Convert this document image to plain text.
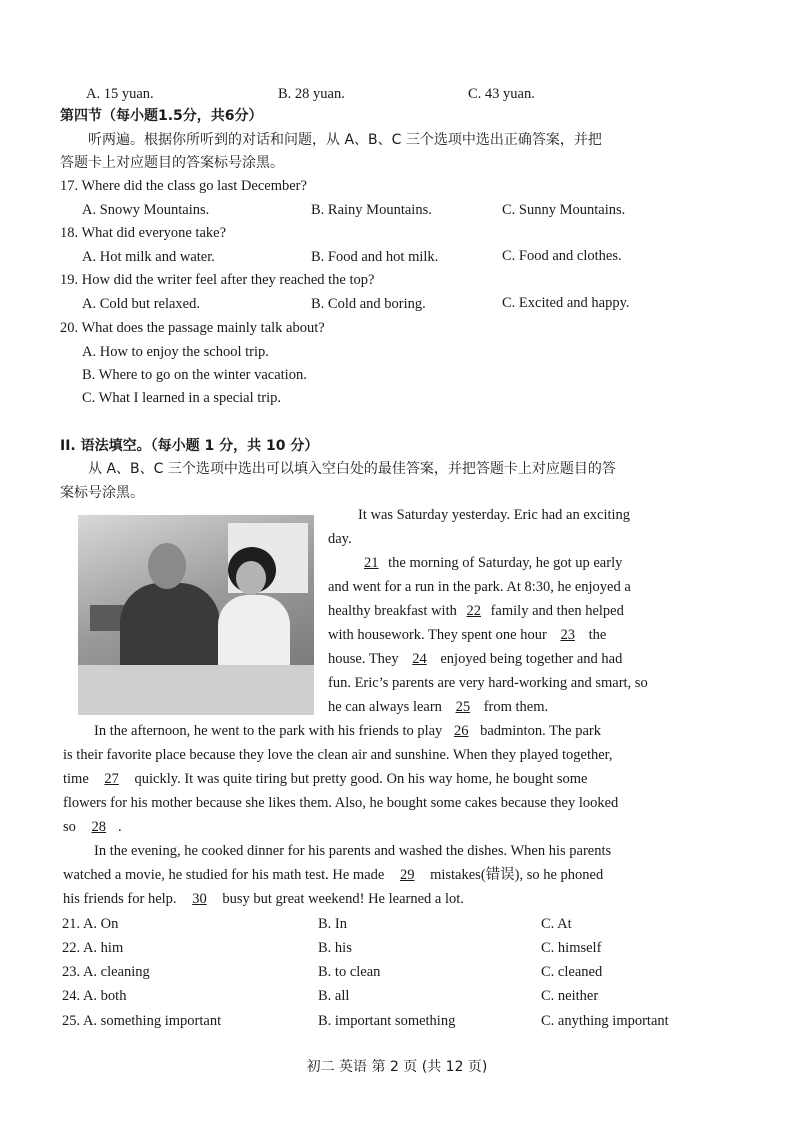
A. 15 yuan.	B. 28 yuan.	C. 43 yuan.
第四节（每小题1.5分，共6分）
听两遍。根据你所听到的对话和问题，从 A、B、C 三个选项中选出正确答案，并把
答题卡上对应题目的答案标号涂黑。
17. Where did the class go last December?
A. Snowy Mountains.	B. Rainy Mountains.	C. Sunny Mountains.
18. What did everyone take?
A. Hot milk and water.	B. Food and hot milk.	C. Food and clothes.
19. How did the writer feel after they reached the top?
A. Cold but relaxed.	B. Cold and boring.	C. Excited and happy.
20. What does the passage mainly talk about?
A. How to enjoy the school trip.
B. Where to go on the winter vacation.
C. What I learned in a special trip.
II. 语法填空。（每小题 1 分，共 10 分）
从 A、B、C 三个选项中选出可以填入空白处的最佳答案，并把答题卡上对应题目的答
案标号涂黑。
It was Saturday yesterday. Eric had an exciting
day.
21 the morning of Saturday, he got up early
and went for a run in the park. At 8:30, he enjoyed a
healthy breakfast with 22 family and then helped
with housework. They spent one hour 23 the
house. They 24 enjoyed being together and had
fun. Eric’s parents are very hard-working and smart, so
he can always learn 25 from them.
In the afternoon, he went to the park with his friends to play 26 badminton. The park
is their favorite place because they love the clean air and sunshine. When they played together,
time 27 quickly. It was quite tiring but pretty good. On his way home, he bought some
flowers for his mother because she likes them. Also, he bought some cakes because they looked
so 28 .
In the evening, he cooked dinner for his parents and washed the dishes. When his parents
watched a movie, he studied for his math test. He made 29 mistakes(错误), so he phoned
his friends for help. 30 busy but great weekend! He learned a lot.
21. A. On	B. In	C. At
22. A. him	B. his	C. himself
23. A. cleaning	B. to clean	C. cleaned
24. A. both	B. all	C. neither
25. A. something important	B. important something	C. anything important
初二 英语 第 2 页 (共 12 页)
